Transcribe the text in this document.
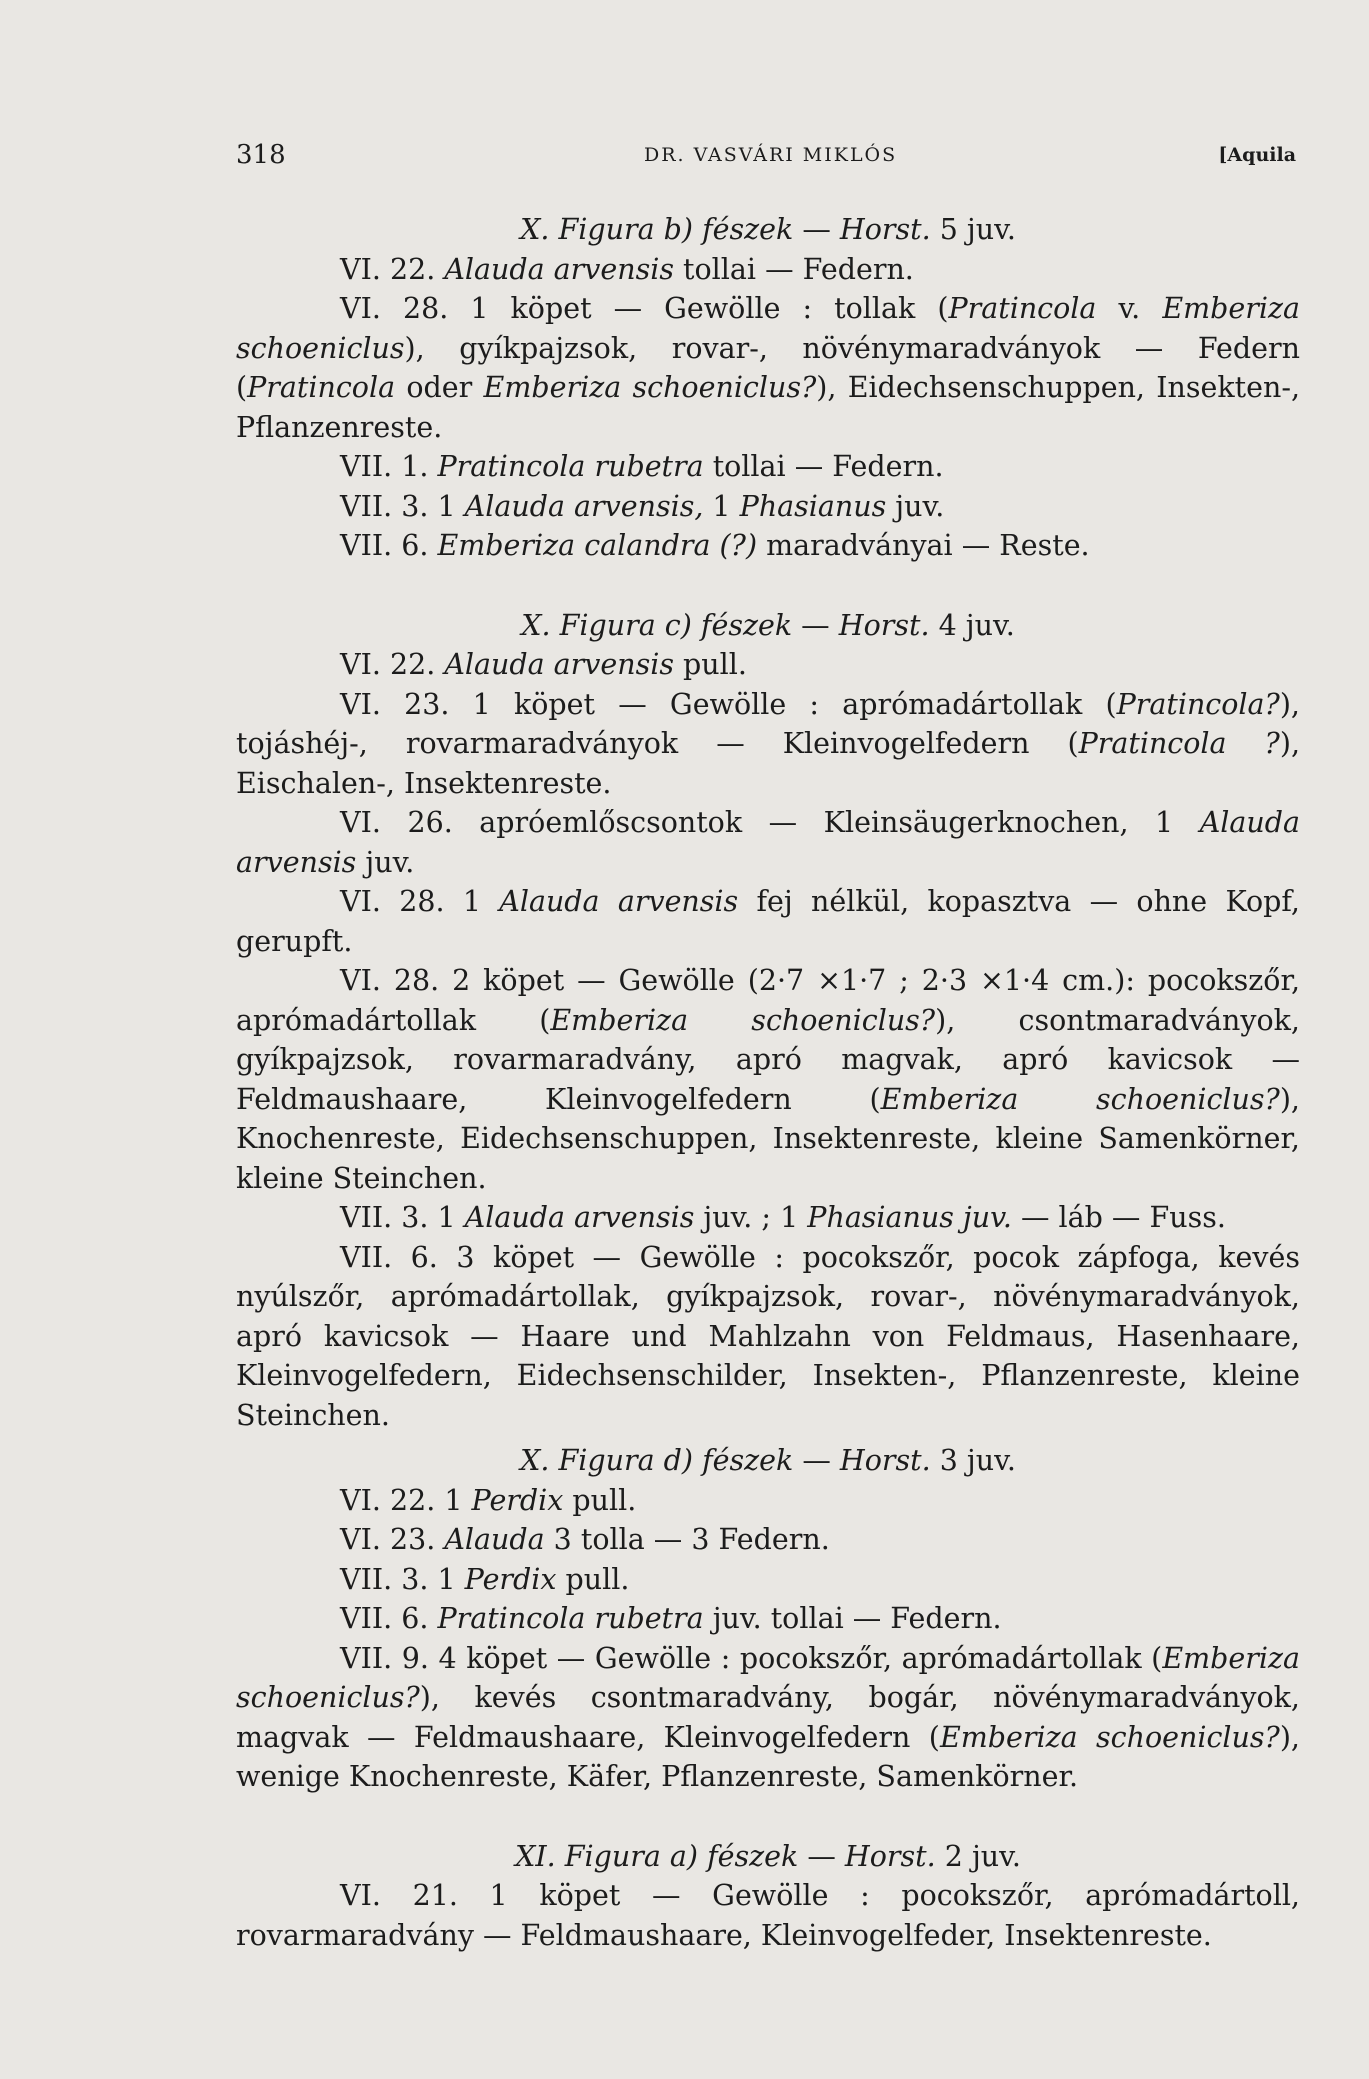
318	DR. VASVÁRI MIKLÓS	[Aquila
X. Figura b) fészek — Horst. 5 juv.

VI. 22. Alauda arvensis tollai — Federn.

VI. 28. 1 köpet — Gewölle : tollak (Pratincola v. Emberiza schoeniclus), gyíkpajzsok, rovar-, növénymaradványok — Federn (Pratincola oder Emberiza schoeniclus?), Eidechsenschuppen, Insekten-, Pflanzenreste.

VII. 1. Pratincola rubetra tollai — Federn.

VII. 3. 1 Alauda arvensis, 1 Phasianus juv.

VII. 6. Emberiza calandra (?) maradványai — Reste.

X. Figura c) fészek — Horst. 4 juv.

VI. 22. Alauda arvensis pull.

VI. 23. 1 köpet — Gewölle : aprómadártollak (Pratincola?), tojáshéj-, rovarmaradványok — Kleinvogelfedern (Pratincola ?), Eischalen-, Insektenreste.

VI. 26. apróemlőscsontok — Kleinsäugerknochen, 1 Alauda arvensis juv.

VI. 28. 1 Alauda arvensis fej nélkül, kopasztva — ohne Kopf, gerupft.

VI. 28. 2 köpet — Gewölle (2·7 ×1·7 ; 2·3 ×1·4 cm.): pocokszőr, aprómadártollak (Emberiza schoeniclus?), csontmaradványok, gyíkpajzsok, rovarmaradvány, apró magvak, apró kavicsok — Feldmaushaare, Kleinvogelfedern (Emberiza schoeniclus?), Knochenreste, Eidechsenschuppen, Insektenreste, kleine Samenkörner, kleine Steinchen.

VII. 3. 1 Alauda arvensis juv. ; 1 Phasianus juv. — láb — Fuss.

VII. 6. 3 köpet — Gewölle : pocokszőr, pocok zápfoga, kevés nyúlszőr, aprómadártollak, gyíkpajzsok, rovar-, növénymaradványok, apró kavicsok — Haare und Mahlzahn von Feldmaus, Hasenhaare, Kleinvogelfedern, Eidechsenschilder, Insekten-, Pflanzenreste, kleine Steinchen.

X. Figura d) fészek — Horst. 3 juv.

VI. 22. 1 Perdix pull.

VI. 23. Alauda 3 tolla — 3 Federn.

VII. 3. 1 Perdix pull.

VII. 6. Pratincola rubetra juv. tollai — Federn.

VII. 9. 4 köpet — Gewölle : pocokszőr, aprómadártollak (Emberiza schoeniclus?), kevés csontmaradvány, bogár, növénymaradványok, magvak — Feldmaushaare, Kleinvogelfedern (Emberiza schoeniclus?), wenige Knochenreste, Käfer, Pflanzenreste, Samenkörner.

XI. Figura a) fészek — Horst. 2 juv.

VI. 21. 1 köpet — Gewölle : pocokszőr, aprómadártoll, rovarmaradvány — Feldmaushaare, Kleinvogelfeder, Insektenreste.
